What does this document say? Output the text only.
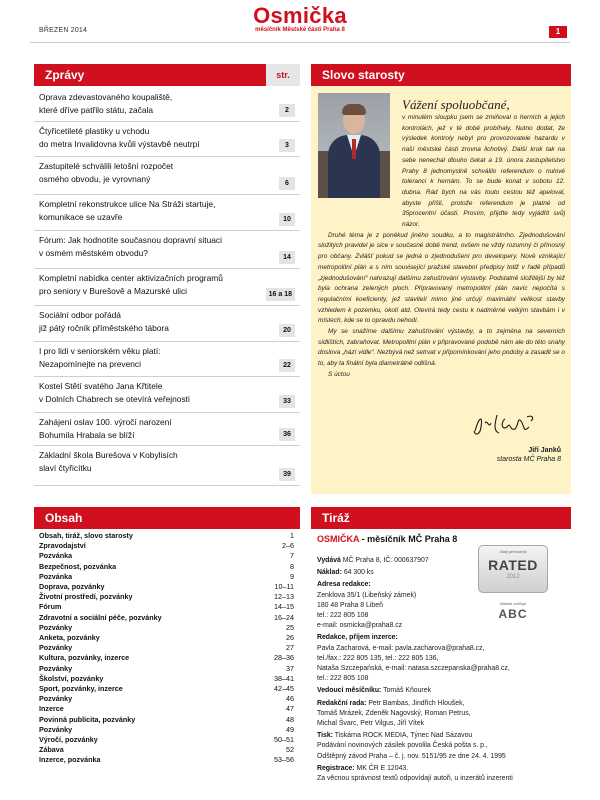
BŘEZEN 2014
Osmička
měsíčník Městské části Praha 8	1
Zprávy	str.
Oprava zdevastovaného koupaliště,
které dříve patřilo státu, začala	2
Čtyřicetileté plastiky u vchodu
do metra Invalidovna kvůli výstavbě neutrpí	3
Zastupitelé schválili letošní rozpočet
osmého obvodu, je vyrovnaný	6
Kompletní rekonstrukce ulice Na Stráži startuje,
komunikace se uzavře	10
Fórum: Jak hodnotíte současnou dopravní situaci
v osmém městském obvodu?	14
Kompletní nabídka center aktivizačních programů
pro seniory v Burešově a Mazurské ulici	16 a 18
Sociální odbor pořádá
již pátý ročník příměstského tábora	20
I pro lidi v seniorském věku platí:
Nezapomínejte na prevenci	22
Kostel Stětí svatého Jana Křtitele
v Dolních Chabrech se otevírá veřejnosti	33
Zahájení oslav 100. výročí narození
Bohumila Hrabala se blíží	36
Základní škola Burešova v Kobylisích
slaví čtyřicítku
39
Slovo starosty
Vážení spoluobčané,
v minulém sloupku jsem se zmiňoval o herních a jejich kontrolách, jež v té době probíhaly. Nutno dodat, že výsledek kontroly nebyl pro provozovatele hazardu v naší městské části zrovna lichotivý. Další krok tak na sebe nenechal dlouho čekat a 19. února zastupitelstvo Prahy 8 jednomyslně schválilo referendum o nulové toleranci k hernám. To se bude konat v sobotu 12. dubna. Rád bych na vás touto cestou též apeloval, abyste přišli, protože referendum je platné od 35procentní účasti. Prosím, přijďte tedy vyjádřit svůj názor.
Druhé téma je z poněkud jiného soudku, a to magistrátního. Zjednodušování složitých pravidel je sice v současné době trend, ovšem ne vždy rozumný či přínosný pro občany. Zvlášť pokud se jedná o zjednodušení pro developery. Nově vznikající metropolitní plán a s ním související pražské stavební předpisy totiž v řadě případů „zjednodušování“ nahrazují dalšímu zahušťování výstavby. Podstatně složitější by též byla ochrana zelených ploch. Připravovaný metropolitní plán navíc nepočítá s regulačními koeficienty, jež stavitelí mimo jiné určují maximální velikost stavby vzhledem k pozemku, okolí atd. Otevírá tedy cestu k nadměrné velkým stavbám i v místech, kde se to opravdu nehodí.
My se snažíme dalšímu zahušťování výstavby, a to zejména na severních sídlištích, zabraňovat. Metropolitní plán v připravované podobě nám ale do této snahy doslova „hází vidle“. Nezbývá než setrvat v připomínkování jeho podoby a zasadit se o to, aby ta finální byla diametrálně odlišná.
S úctou
Jiří Janků
starosta MČ Praha 8
Obsah
Obsah, tiráž, slovo starosty	1
Zpravodajství	2–6
Pozvánka	7
Bezpečnost, pozvánka	8
Pozvánka	9
Doprava, pozvánky	10–11
Životní prostředí, pozvánky	12–13
Fórum	14–15
Zdravotní a sociální péče, pozvánky	16–24
Pozvánky	25
Anketa, pozvánky	26
Pozvánky	27
Kultura, pozvánky, inzerce	28–36
Pozvánky	37
Školství, pozvánky	38–41
Sport, pozvánky, inzerce	42–45
Pozvánky	46
Inzerce	47
Povinná publicita, pozvánky	48
Pozvánky	49
Výročí, pozvánky	50–51
Zábava	52
Inzerce, pozvánka	53–56
Tiráž
OSMIČKA - měsíčník MČ Praha 8
Vydává MČ Praha 8, IČ: 000637907
Náklad: 64 300 ks
Adresa redakce:
Zenklova 35/1 (Libeňský zámek)
180 48 Praha 8 Libeň
tel.: 222 805 108
e-mail: osmicka@praha8.cz
Redakce, příjem inzerce:
Pavla Zacharová, e-mail: pavla.zacharova@praha8.cz,
tel./fax.: 222 805 135, tel.: 222 805 136,
Nataša Szczepańská, e-mail: natasa.szczepanska@praha8.cz,
tel.: 222 805 108
Vedoucí měsíčníku: Tomáš Kňourek
Redakční rada: Petr Bambas, Jindřich Hloušek,
Tomáš Mrázek, Zdeněk Nagovský, Roman Petrus,
Michal Švarc, Petr Vilgus, Jiří Vítek
Tisk: Tiskárna ROCK MEDIA, Týnec Nad Sázavou
Podávání novinových zásilek povolila Česká pošta s. p.,
Odštěpný závod Praha – č. j. nov. 5151/95 ze dne 24. 4. 1995
Registrace: MK ČR E 12043.
Za věcnou správnost textů odpovídají autoři, u inzerátů inzerenti
Zlatý převodník
RATED
2012
Náklad ověřuje
ABC
